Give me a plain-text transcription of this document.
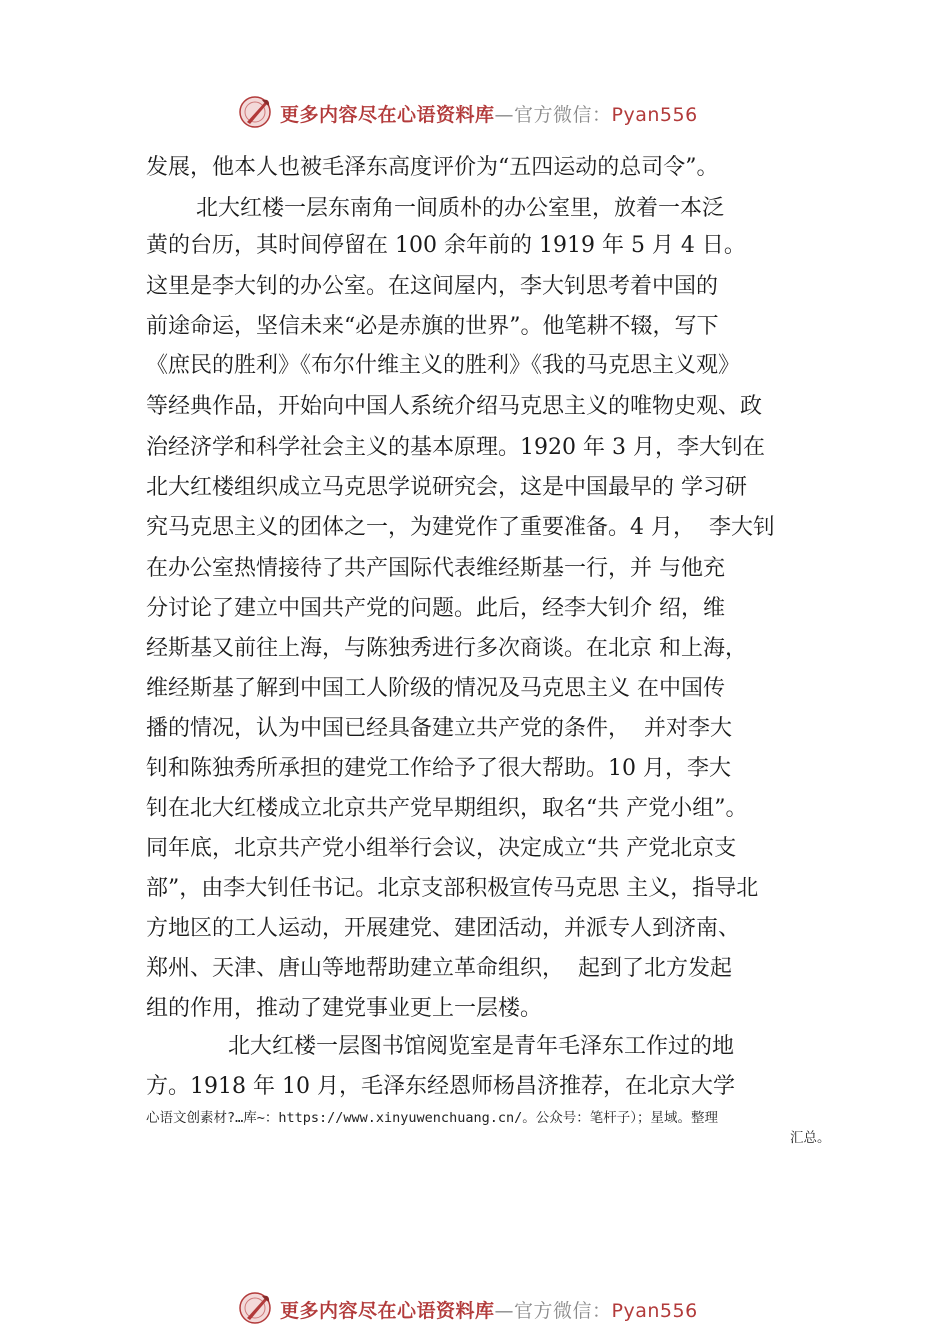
更多内容尽在心语资料库—官方微信：Pyan556
发展，他本人也被毛泽东高度评价为“五四运动的总司令”。
北大红楼一层东南角一间质朴的办公室里，放着一本泛
黄的台历，其时间停留在 100 余年前的 1919 年 5 月 4 日。
这里是李大钊的办公室。在这间屋内，李大钊思考着中国的
前途命运，坚信未来“必是赤旗的世界”。他笔耕不辍，写下
《庶民的胜利》《布尔什维主义的胜利》《我的马克思主义观》
等经典作品，开始向中国人系统介绍马克思主义的唯物史观、政
治经济学和科学社会主义的基本原理。1920 年 3 月，李大钊在
北大红楼组织成立马克思学说研究会，这是中国最早的 学习研
究马克思主义的团体之一，为建党作了重要准备。4 月，  李大钊
在办公室热情接待了共产国际代表维经斯基一行，并 与他充
分讨论了建立中国共产党的问题。此后，经李大钊介 绍，维
经斯基又前往上海，与陈独秀进行多次商谈。在北京 和上海，
维经斯基了解到中国工人阶级的情况及马克思主义 在中国传
播的情况，认为中国已经具备建立共产党的条件，  并对李大
钊和陈独秀所承担的建党工作给予了很大帮助。10 月，李大
钊在北大红楼成立北京共产党早期组织，取名“共 产党小组”。
同年底，北京共产党小组举行会议，决定成立“共 产党北京支
部”，由李大钊任书记。北京支部积极宣传马克思 主义，指导北
方地区的工人运动，开展建党、建团活动，并派专人到济南、
郑州、天津、唐山等地帮助建立革命组织，  起到了北方发起
组的作用，推动了建党事业更上一层楼。
北大红楼一层图书馆阅览室是青年毛泽东工作过的地
方。1918 年 10 月，毛泽东经恩师杨昌济推荐，在北京大学
心语文创素材?…库~：https://www.xinyuwenchuang.cn/。公众号：笔杆子）；星域。整理
汇总。
更多内容尽在心语资料库—官方微信：Pyan556
